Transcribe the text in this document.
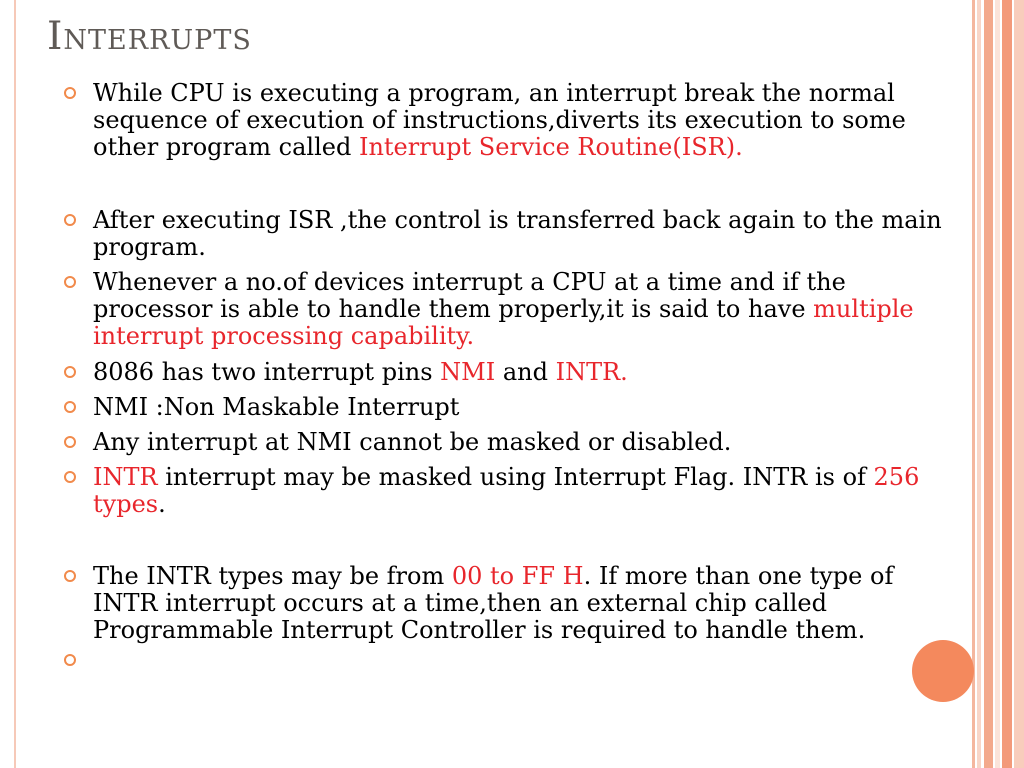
Interrupts
While CPU is executing a program, an interrupt break the normal sequence of execution of instructions,diverts its execution to some other program called Interrupt Service Routine(ISR).
After executing ISR ,the control is transferred back again to the main program.
Whenever a no.of devices interrupt a CPU at a time and if the processor is able to handle them properly,it is said to have multiple interrupt processing capability.
8086 has two interrupt pins NMI and INTR.
NMI :Non Maskable Interrupt
Any interrupt at NMI cannot be masked or disabled.
INTR interrupt may be masked using Interrupt Flag. INTR is of 256 types.
The INTR types may be from 00 to FF H. If more than one type of INTR interrupt occurs at a time,then an external chip called Programmable Interrupt Controller is required to handle them.
